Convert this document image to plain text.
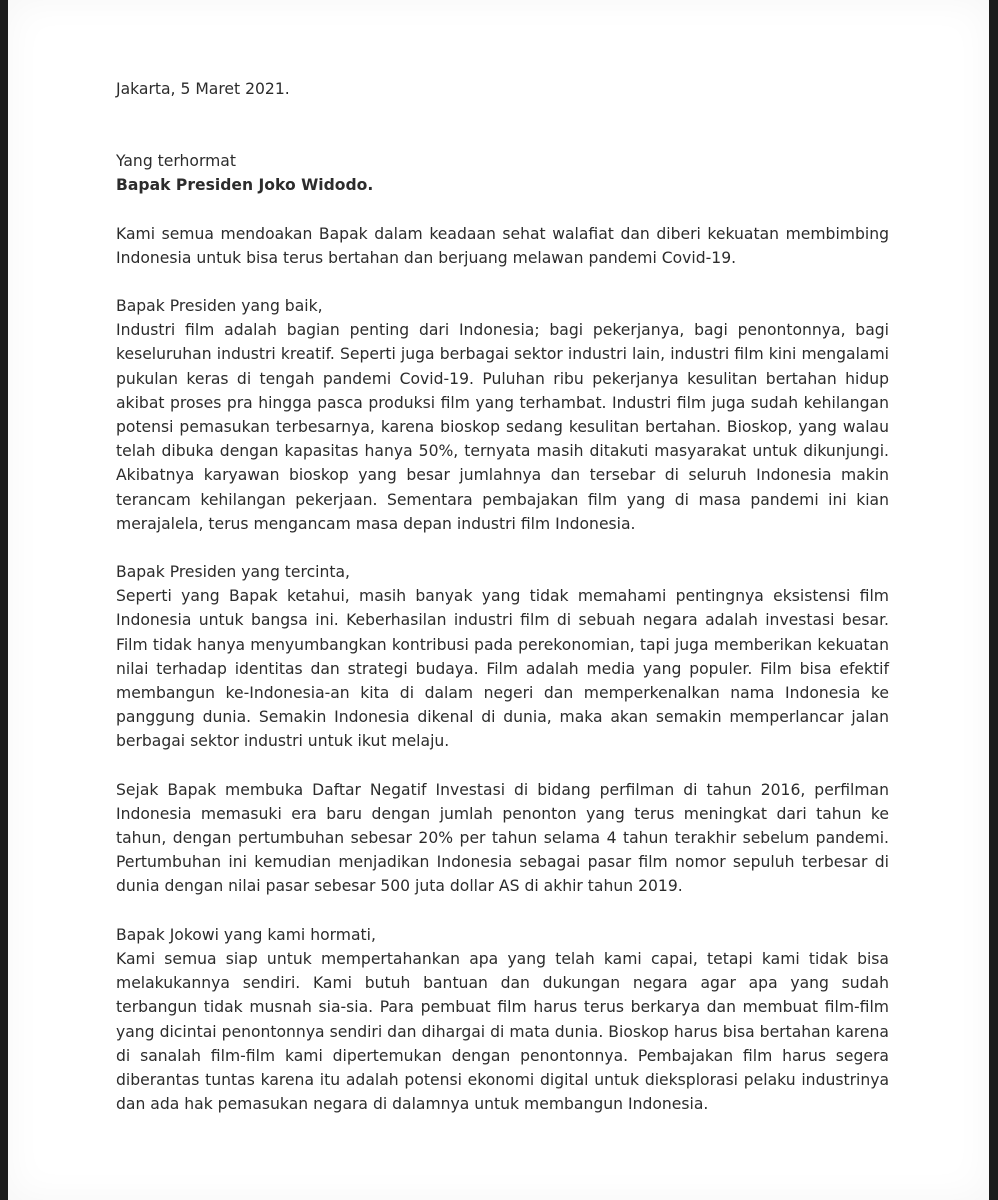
Jakarta, 5 Maret 2021.

Yang terhormat

Bapak Presiden Joko Widodo.

Kami semua mendoakan Bapak dalam keadaan sehat walafiat dan diberi kekuatan membimbing Indonesia untuk bisa terus bertahan dan berjuang melawan pandemi Covid-19.

Bapak Presiden yang baik,

Industri film adalah bagian penting dari Indonesia; bagi pekerjanya, bagi penontonnya, bagi keseluruhan industri kreatif. Seperti juga berbagai sektor industri lain, industri film kini mengalami pukulan keras di tengah pandemi Covid-19. Puluhan ribu pekerjanya kesulitan bertahan hidup akibat proses pra hingga pasca produksi film yang terhambat. Industri film juga sudah kehilangan potensi pemasukan terbesarnya, karena bioskop sedang kesulitan bertahan. Bioskop, yang walau telah dibuka dengan kapasitas hanya 50%, ternyata masih ditakuti masyarakat untuk dikunjungi. Akibatnya karyawan bioskop yang besar jumlahnya dan tersebar di seluruh Indonesia makin terancam kehilangan pekerjaan. Sementara pembajakan film yang di masa pandemi ini kian merajalela, terus mengancam masa depan industri film Indonesia.

Bapak Presiden yang tercinta,

Seperti yang Bapak ketahui, masih banyak yang tidak memahami pentingnya eksistensi film Indonesia untuk bangsa ini. Keberhasilan industri film di sebuah negara adalah investasi besar. Film tidak hanya menyumbangkan kontribusi pada perekonomian, tapi juga memberikan kekuatan nilai terhadap identitas dan strategi budaya. Film adalah media yang populer. Film bisa efektif membangun ke-Indonesia-an kita di dalam negeri dan memperkenalkan nama Indonesia ke panggung dunia. Semakin Indonesia dikenal di dunia, maka akan semakin memperlancar jalan berbagai sektor industri untuk ikut melaju.

Sejak Bapak membuka Daftar Negatif Investasi di bidang perfilman di tahun 2016, perfilman Indonesia memasuki era baru dengan jumlah penonton yang terus meningkat dari tahun ke tahun, dengan pertumbuhan sebesar 20% per tahun selama 4 tahun terakhir sebelum pandemi. Pertumbuhan ini kemudian menjadikan Indonesia sebagai pasar film nomor sepuluh terbesar di dunia dengan nilai pasar sebesar 500 juta dollar AS di akhir tahun 2019.

Bapak Jokowi yang kami hormati,

Kami semua siap untuk mempertahankan apa yang telah kami capai, tetapi kami tidak bisa melakukannya sendiri. Kami butuh bantuan dan dukungan negara agar apa yang sudah terbangun tidak musnah sia-sia. Para pembuat film harus terus berkarya dan membuat film-film yang dicintai penontonnya sendiri dan dihargai di mata dunia. Bioskop harus bisa bertahan karena di sanalah film-film kami dipertemukan dengan penontonnya. Pembajakan film harus segera diberantas tuntas karena itu adalah potensi ekonomi digital untuk dieksplorasi pelaku industrinya dan ada hak pemasukan negara di dalamnya untuk membangun Indonesia.
